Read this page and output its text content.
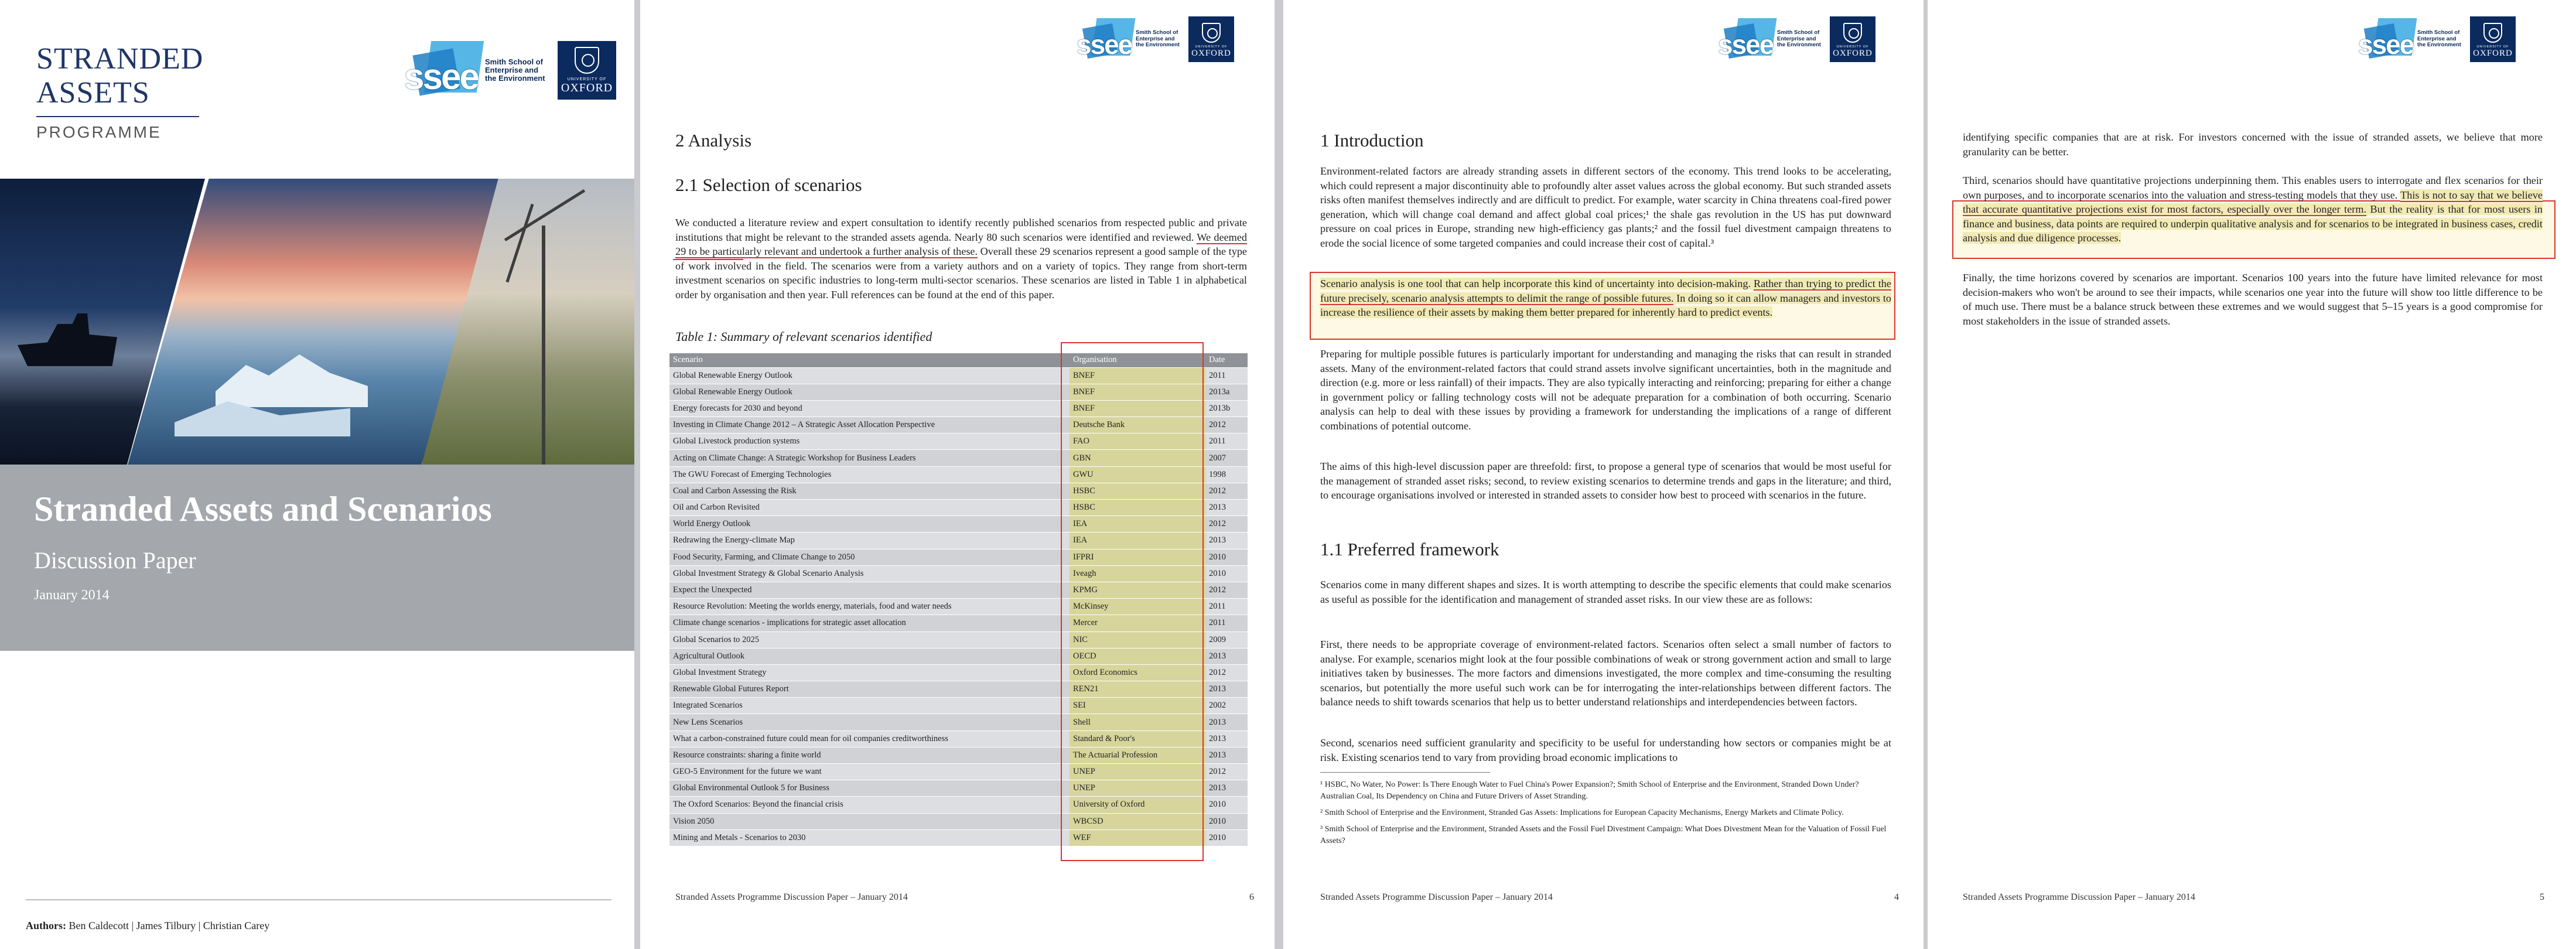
STRANDED
ASSETS
PROGRAMME
ssee Smith School of Enterprise and the Environment	UNIVERSITY OF
OXFORD
Stranded Assets and Scenarios
Discussion Paper
January 2014
Authors: Ben Caldecott | James Tilbury | Christian Carey
ssee Smith School of Enterprise and the Environment	UNIVERSITY OF
OXFORD
2 Analysis
2.1 Selection of scenarios
We conducted a literature review and expert consultation to identify recently published scenarios from respected public and private institutions that might be relevant to the stranded assets agenda. Nearly 80 such scenarios were identified and reviewed. We deemed 29 to be particularly relevant and undertook a further analysis of these. Overall these 29 scenarios represent a good sample of the type of work involved in the field. The scenarios were from a variety authors and on a variety of topics. They range from short-term investment scenarios on specific industries to long-term multi-sector scenarios. These scenarios are listed in Table 1 in alphabetical order by organisation and then year. Full references can be found at the end of this paper.
Table 1: Summary of relevant scenarios identified
Scenario	Organisation	Date
Global Renewable Energy Outlook	BNEF	2011
Global Renewable Energy Outlook	BNEF	2013a
Energy forecasts for 2030 and beyond	BNEF	2013b
Investing in Climate Change 2012 – A Strategic Asset Allocation Perspective	Deutsche Bank	2012
Global Livestock production systems	FAO	2011
Acting on Climate Change: A Strategic Workshop for Business Leaders	GBN	2007
The GWU Forecast of Emerging Technologies	GWU	1998
Coal and Carbon Assessing the Risk	HSBC	2012
Oil and Carbon Revisited	HSBC	2013
World Energy Outlook	IEA	2012
Redrawing the Energy-climate Map	IEA	2013
Food Security, Farming, and Climate Change to 2050	IFPRI	2010
Global Investment Strategy & Global Scenario Analysis	Iveagh	2010
Expect the Unexpected	KPMG	2012
Resource Revolution: Meeting the worlds energy, materials, food and water needs	McKinsey	2011
Climate change scenarios - implications for strategic asset allocation	Mercer	2011
Global Scenarios to 2025	NIC	2009
Agricultural Outlook	OECD	2013
Global Investment Strategy	Oxford Economics	2012
Renewable Global Futures Report	REN21	2013
Integrated Scenarios	SEI	2002
New Lens Scenarios	Shell	2013
What a carbon-constrained future could mean for oil companies creditworthiness	Standard & Poor's	2013
Resource constraints: sharing a finite world	The Actuarial Profession	2013
GEO-5 Environment for the future we want	UNEP	2012
Global Environmental Outlook 5 for Business	UNEP	2013
The Oxford Scenarios: Beyond the financial crisis	University of Oxford	2010
Vision 2050	WBCSD	2010
Mining and Metals - Scenarios to 2030	WEF	2010
Stranded Assets Programme Discussion Paper – January 2014	6
ssee Smith School of Enterprise and the Environment	UNIVERSITY OF
OXFORD
1 Introduction
Environment-related factors are already stranding assets in different sectors of the economy. This trend looks to be accelerating, which could represent a major discontinuity able to profoundly alter asset values across the global economy. But such stranded assets risks often manifest themselves indirectly and are difficult to predict. For example, water scarcity in China threatens coal-fired power generation, which will change coal demand and affect global coal prices;¹ the shale gas revolution in the US has put downward pressure on coal prices in Europe, stranding new high-efficiency gas plants;² and the fossil fuel divestment campaign threatens to erode the social licence of some targeted companies and could increase their cost of capital.³
Scenario analysis is one tool that can help incorporate this kind of uncertainty into decision-making. Rather than trying to predict the future precisely, scenario analysis attempts to delimit the range of possible futures. In doing so it can allow managers and investors to increase the resilience of their assets by making them better prepared for inherently hard to predict events.
Preparing for multiple possible futures is particularly important for understanding and managing the risks that can result in stranded assets. Many of the environment-related factors that could strand assets involve significant uncertainties, both in the magnitude and direction (e.g. more or less rainfall) of their impacts. They are also typically interacting and reinforcing; preparing for either a change in government policy or falling technology costs will not be adequate preparation for a combination of both occurring. Scenario analysis can help to deal with these issues by providing a framework for understanding the implications of a range of different combinations of potential outcome.
The aims of this high-level discussion paper are threefold: first, to propose a general type of scenarios that would be most useful for the management of stranded asset risks; second, to review existing scenarios to determine trends and gaps in the literature; and third, to encourage organisations involved or interested in stranded assets to consider how best to proceed with scenarios in the future.
1.1 Preferred framework
Scenarios come in many different shapes and sizes. It is worth attempting to describe the specific elements that could make scenarios as useful as possible for the identification and management of stranded asset risks. In our view these are as follows:
First, there needs to be appropriate coverage of environment-related factors. Scenarios often select a small number of factors to analyse. For example, scenarios might look at the four possible combinations of weak or strong government action and small to large initiatives taken by businesses. The more factors and dimensions investigated, the more complex and time-consuming the resulting scenarios, but potentially the more useful such work can be for interrogating the inter-relationships between different factors. The balance needs to shift towards scenarios that help us to better understand relationships and interdependencies between factors.
Second, scenarios need sufficient granularity and specificity to be useful for understanding how sectors or companies might be at risk. Existing scenarios tend to vary from providing broad economic implications to

¹ HSBC, No Water, No Power: Is There Enough Water to Fuel China's Power Expansion?; Smith School of Enterprise and the Environment, Stranded Down Under? Australian Coal, Its Dependency on China and Future Drivers of Asset Stranding.

² Smith School of Enterprise and the Environment, Stranded Gas Assets: Implications for European Capacity Mechanisms, Energy Markets and Climate Policy.

³ Smith School of Enterprise and the Environment, Stranded Assets and the Fossil Fuel Divestment Campaign: What Does Divestment Mean for the Valuation of Fossil Fuel Assets?

Stranded Assets Programme Discussion Paper – January 2014	4
ssee Smith School of Enterprise and the Environment	UNIVERSITY OF
OXFORD
identifying specific companies that are at risk. For investors concerned with the issue of stranded assets, we believe that more granularity can be better.
Third, scenarios should have quantitative projections underpinning them. This enables users to interrogate and flex scenarios for their own purposes, and to incorporate scenarios into the valuation and stress-testing models that they use. This is not to say that we believe that accurate quantitative projections exist for most factors, especially over the longer term. But the reality is that for most users in finance and business, data points are required to underpin qualitative analysis and for scenarios to be integrated in business cases, credit analysis and due diligence processes.
Finally, the time horizons covered by scenarios are important. Scenarios 100 years into the future have limited relevance for most decision-makers who won't be around to see their impacts, while scenarios one year into the future will show too little difference to be of much use. There must be a balance struck between these extremes and we would suggest that 5–15 years is a good compromise for most stakeholders in the issue of stranded assets.
Stranded Assets Programme Discussion Paper – January 2014	5
